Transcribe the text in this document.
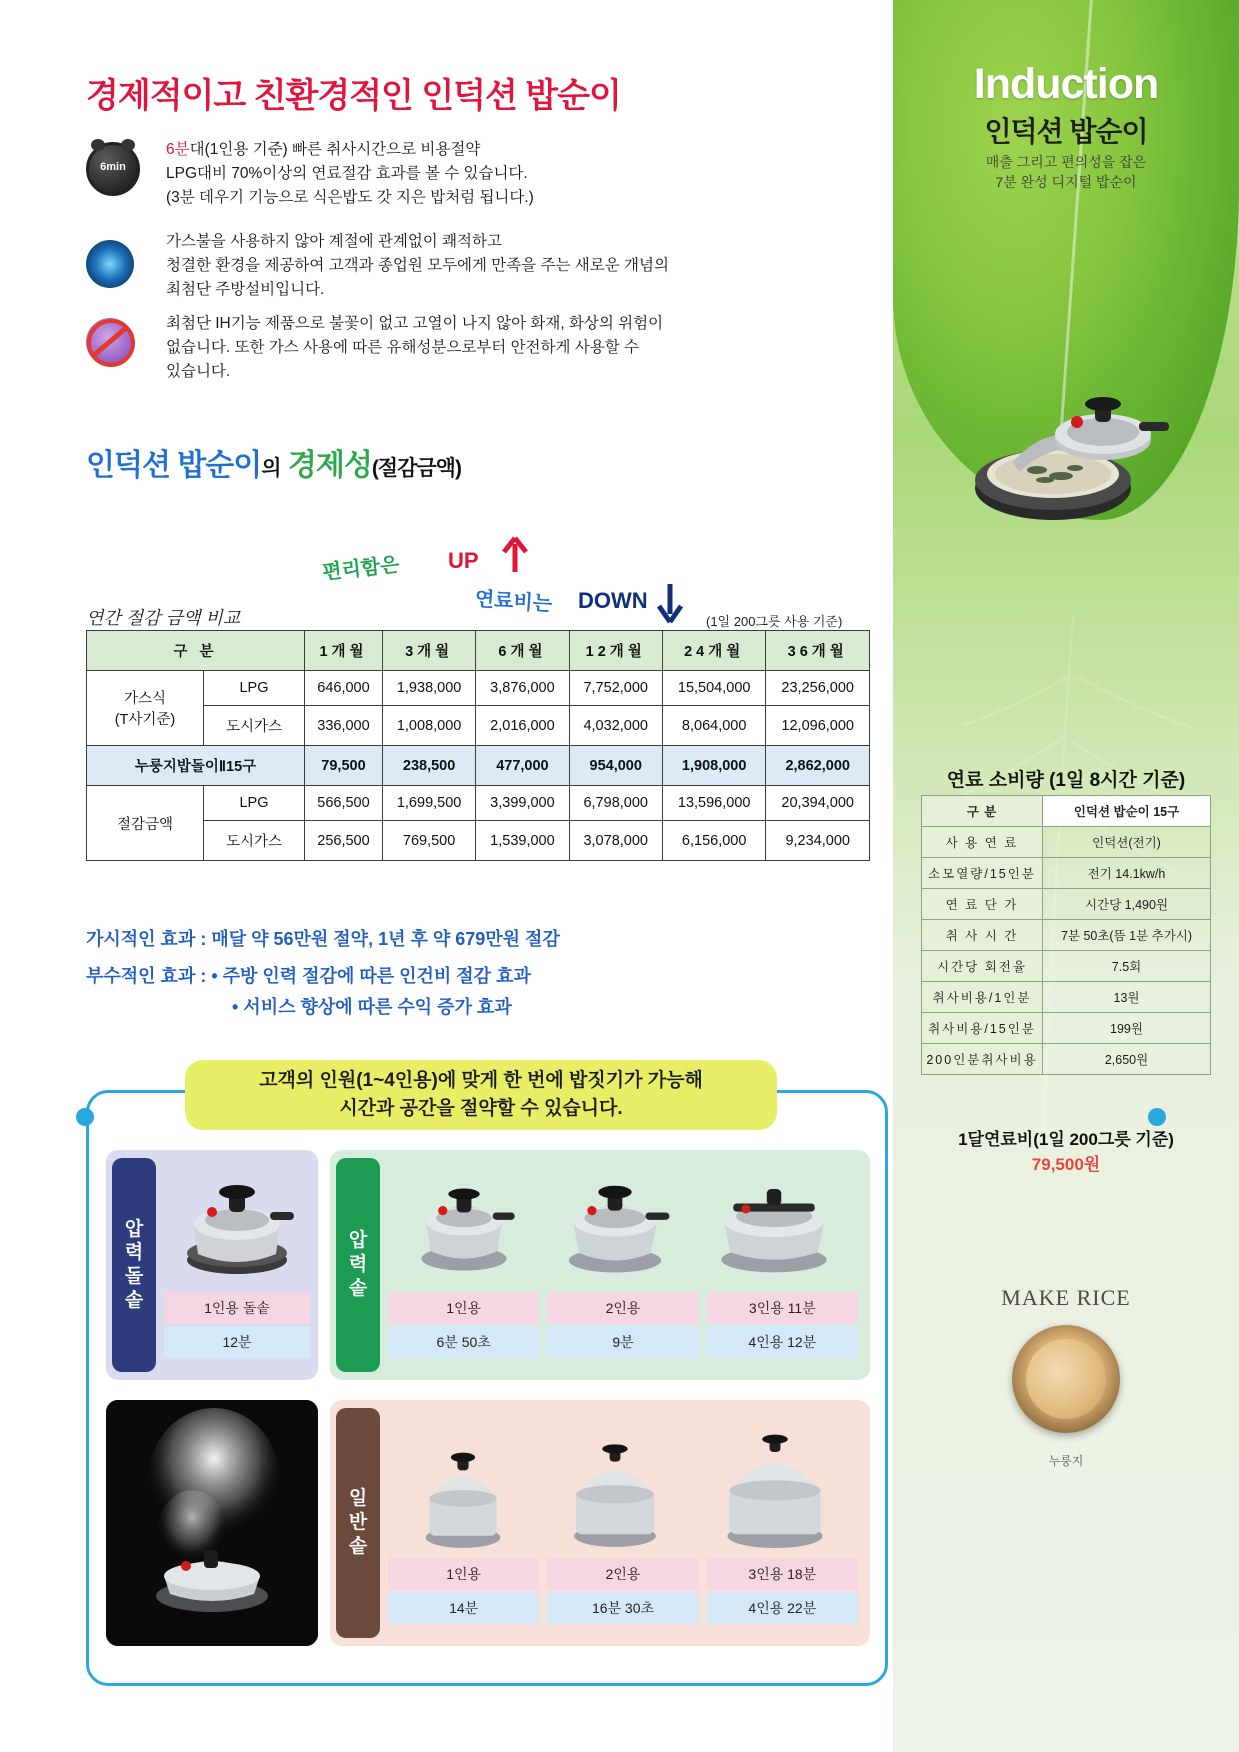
Induction
인덕션 밥순이
매출 그리고 편의성을 잡은
7분 완성 디지털 밥순이
연료 소비량 (1일 8시간 기준)
구 분	인덕션 밥순이 15구
사 용 연 료	인덕션(전기)
소모열량/15인분	전기 14.1kw/h
연 료 단 가	시간당 1,490원
취 사 시 간	7분 50초(뜸 1분 추가시)
시간당 회전율	7.5회
취사비용/1인분	13원
취사비용/15인분	199원
200인분취사비용	2,650원
1달연료비(1일 200그릇 기준)
79,500원
MAKE RICE
누룽지
경제적이고 친환경적인 인덕션 밥순이
6min
6분대(1인용 기준) 빠른 취사시간으로 비용절약
LPG대비 70%이상의 연료절감 효과를 볼 수 있습니다.
(3분 데우기 기능으로 식은밥도 갓 지은 밥처럼 됩니다.)
가스불을 사용하지 않아 계절에 관계없이 쾌적하고
청결한 환경을 제공하여 고객과 종업원 모두에게 만족을 주는 새로운 개념의
최첨단 주방설비입니다.
최첨단 IH기능 제품으로 불꽃이 없고 고열이 나지 않아 화재, 화상의 위험이
없습니다. 또한 가스 사용에 따른 유해성분으로부터 안전하게 사용할 수
있습니다.
인덕션 밥순이의 경제성(절감금액)
편리함은 UP
연료비는 DOWN
연간 절감 금액 비교	(1일 200그릇 사용 기준)
구 분		1개월	3개월	6개월	12개월	24개월	36개월
가스식
(T사기준)	LPG	646,000	1,938,000	3,876,000	7,752,000	15,504,000	23,256,000
	도시가스	336,000	1,008,000	2,016,000	4,032,000	8,064,000	12,096,000
누룽지밥돌이Ⅱ15구		79,500	238,500	477,000	954,000	1,908,000	2,862,000
절감금액	LPG	566,500	1,699,500	3,399,000	6,798,000	13,596,000	20,394,000
	도시가스	256,500	769,500	1,539,000	3,078,000	6,156,000	9,234,000
가시적인 효과 : 매달 약 56만원 절약, 1년 후 약 679만원 절감
부수적인 효과 : • 주방 인력 절감에 따른 인건비 절감 효과
• 서비스 향상에 따른 수익 증가 효과
고객의 인원(1~4인용)에 맞게 한 번에 밥짓기가 가능해
시간과 공간을 절약할 수 있습니다.
압
력
돌
솥	1인용 돌솥
12분
압
력
솥
1인용	2인용	3인용 11분
6분 50초	9분	4인용 12분
일
반
솥
1인용	2인용	3인용 18분
14분	16분 30초	4인용 22분
